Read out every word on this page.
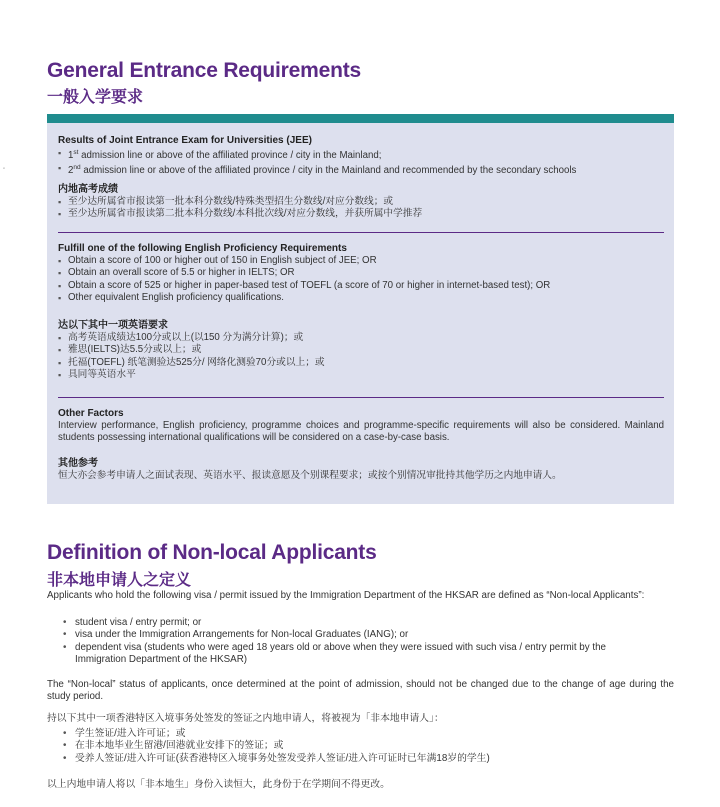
◦
General Entrance Requirements
一般入学要求
Results of Joint Entrance Exam for Universities (JEE)
▪ 1st admission line or above of the affiliated province / city in the Mainland;
▪ 2nd admission line or above of the affiliated province / city in the Mainland and recommended by the secondary schools
内地高考成绩
▪ 至少达所属省市报读第一批本科分数线/特殊类型招生分数线/对应分数线；或
▪ 至少达所属省市报读第二批本科分数线/本科批次线/对应分数线，并获所属中学推荐
Fulfill one of the following English Proficiency Requirements
▪ Obtain a score of 100 or higher out of 150 in English subject of JEE; OR
▪ Obtain an overall score of 5.5 or higher in IELTS; OR
▪ Obtain a score of 525 or higher in paper-based test of TOEFL (a score of 70 or higher in internet-based test); OR
▪ Other equivalent English proficiency qualifications.
达以下其中一项英语要求
▪ 高考英语成绩达100分或以上(以150 分为满分计算)；或
▪ 雅思(IELTS)达5.5分或以上；或
▪ 托福(TOEFL) 纸笔测验达525分/ 网络化测验70分或以上；或
▪ 具同等英语水平
Other Factors
Interview performance, English proficiency, programme choices and programme-specific requirements will also be considered. Mainland students possessing international qualifications will be considered on a case-by-case basis.
其他参考
恒大亦会参考申请人之面试表现、英语水平、报读意愿及个别课程要求；或按个别情况审批持其他学历之内地申请人。
Definition of Non-local Applicants
非本地申请人之定义
Applicants who hold the following visa / permit issued by the Immigration Department of the HKSAR are defined as “Non-local Applicants”:
• student visa / entry permit; or
• visa under the Immigration Arrangements for Non-local Graduates (IANG); or
• dependent visa (students who were aged 18 years old or above when they were issued with such visa / entry permit by the Immigration Department of the HKSAR)
The “Non-local” status of applicants, once determined at the point of admission, should not be changed due to the change of age during the study period.
持以下其中一项香港特区入境事务处签发的签证之内地申请人，将被视为「非本地申请人」：
• 学生签证/进入许可证；或
• 在非本地毕业生留港/回港就业安排下的签证；或
• 受养人签证/进入许可证(获香港特区入境事务处签发受养人签证/进入许可证时已年满18岁的学生)
以上内地申请人将以「非本地生」身份入读恒大，此身份于在学期间不得更改。
